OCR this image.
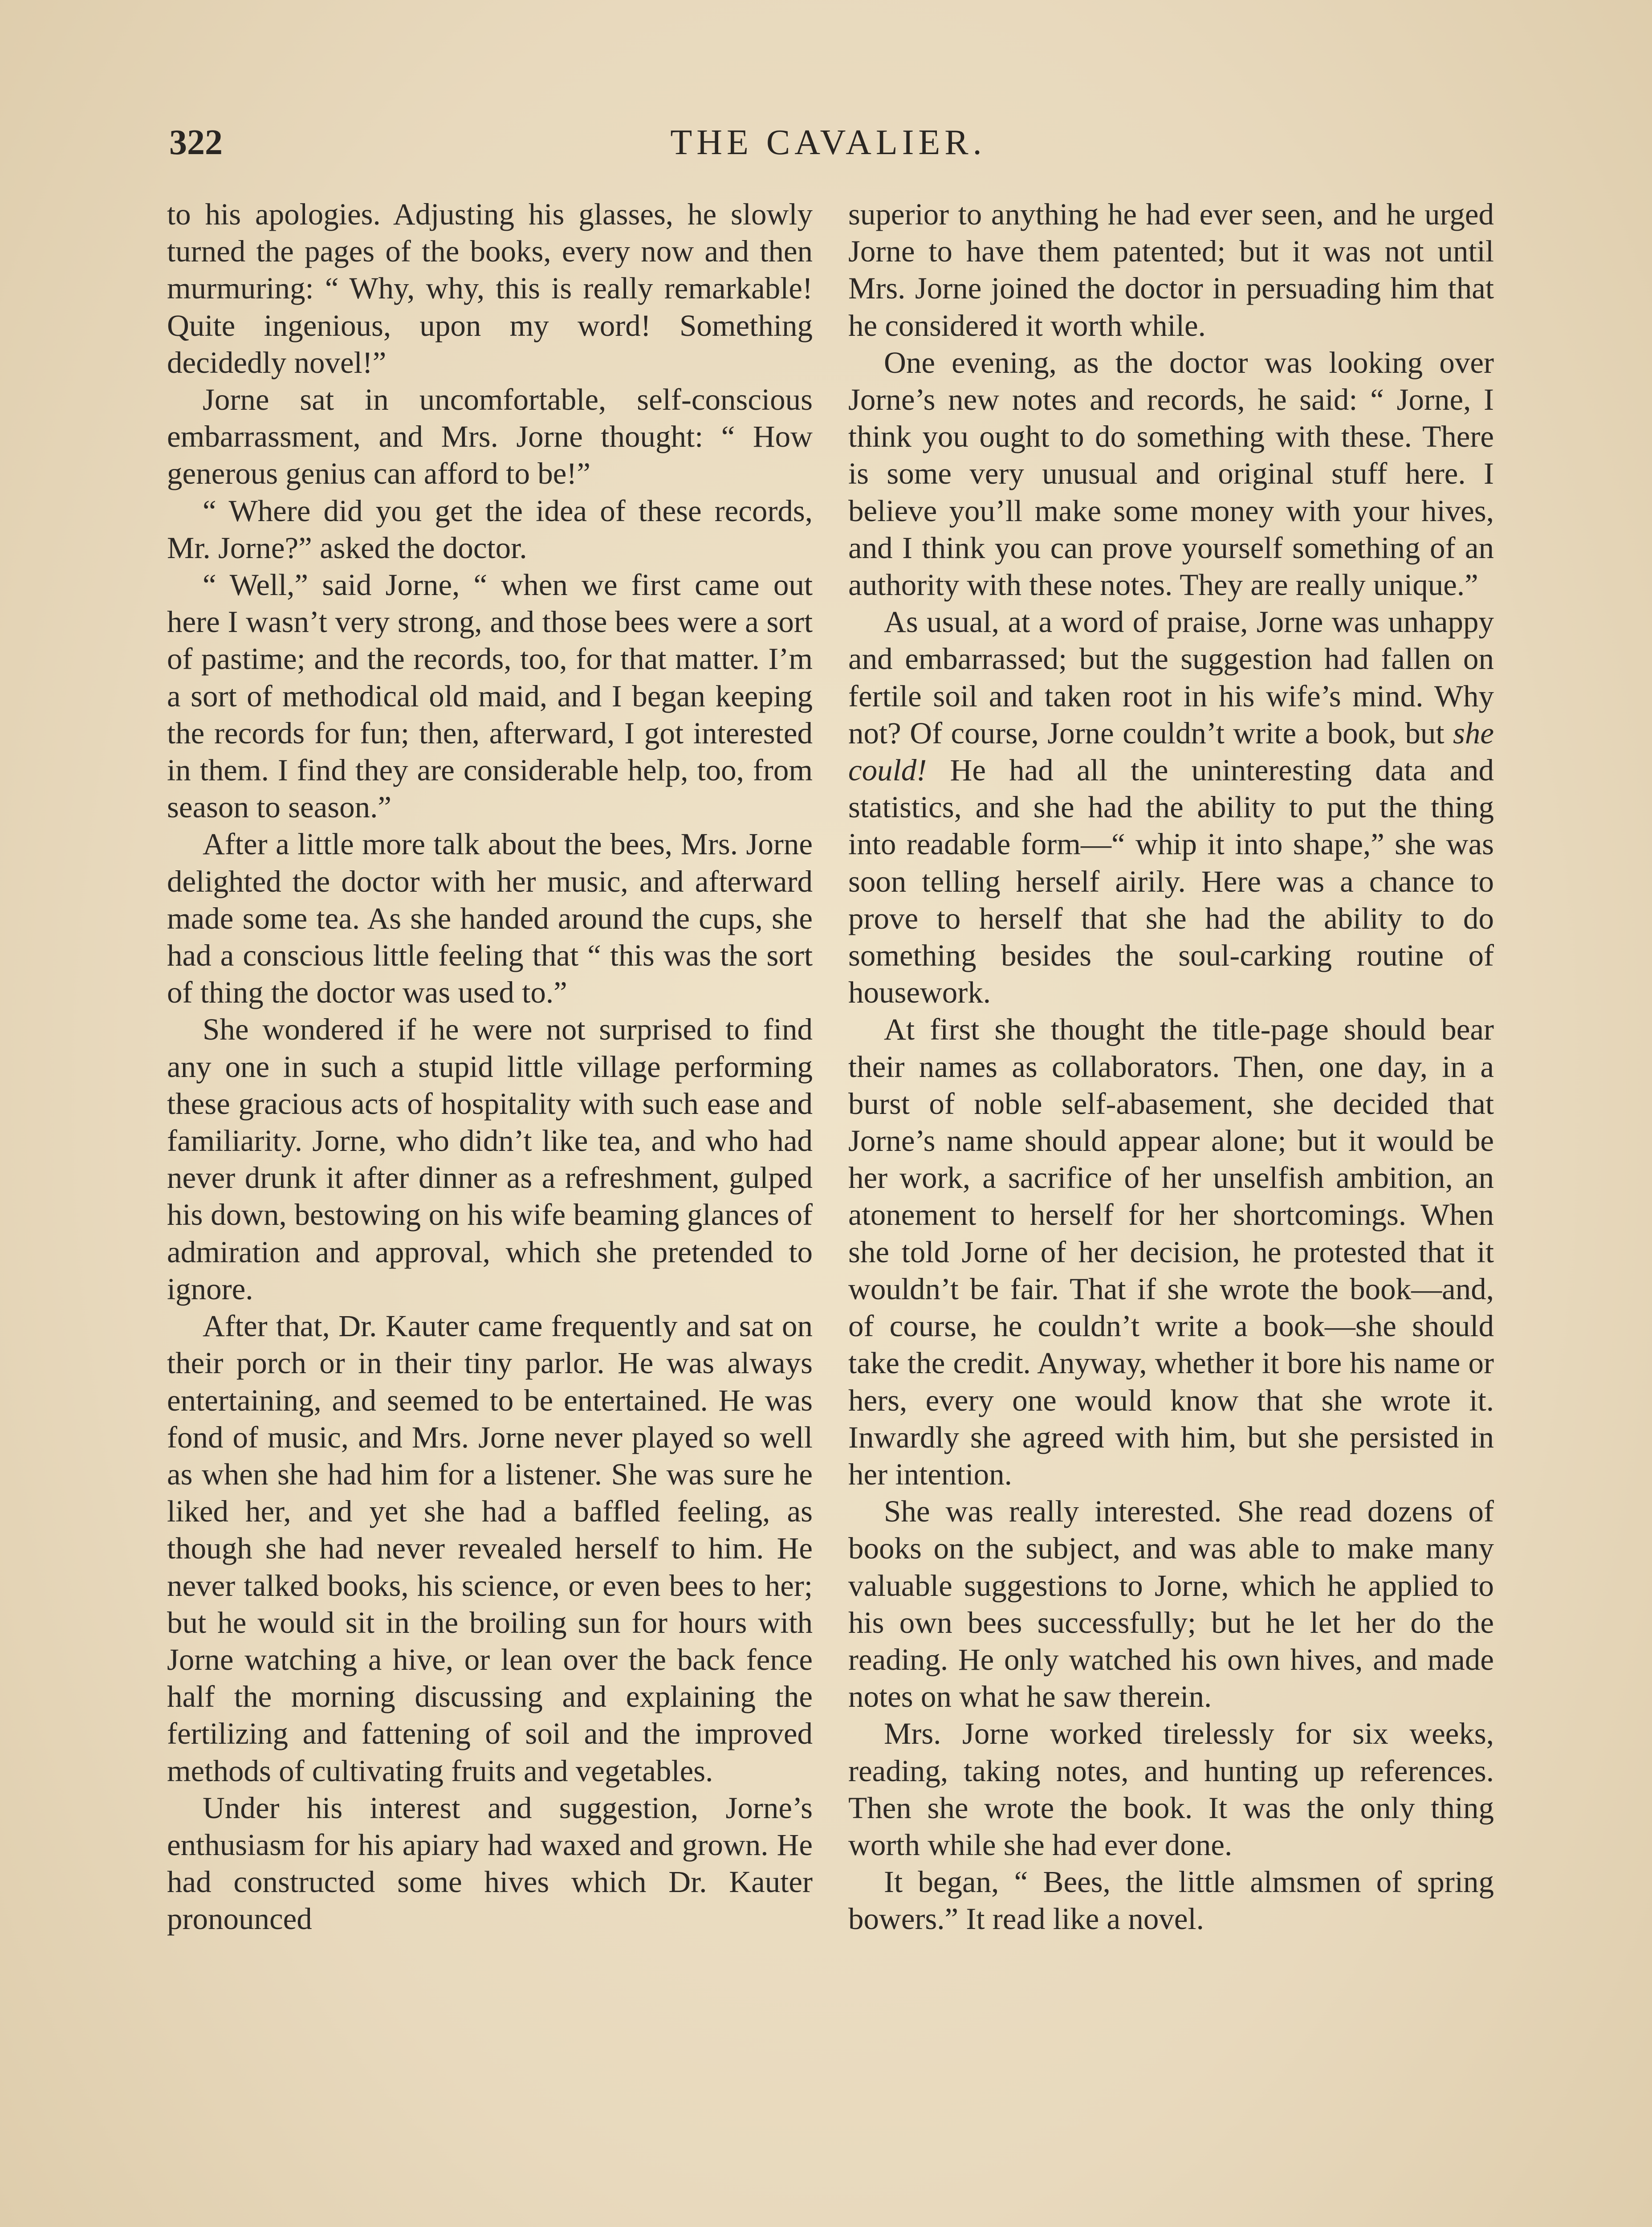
322	THE CAVALIER.

to his apologies. Adjusting his glasses, he slowly turned the pages of the books, every now and then murmuring: “ Why, why, this is really remarkable! Quite ingenious, upon my word! Something decidedly novel!”

Jorne sat in uncomfortable, self-conscious embarrassment, and Mrs. Jorne thought: “ How generous genius can afford to be!”

“ Where did you get the idea of these records, Mr. Jorne?” asked the doctor.

“ Well,” said Jorne, “ when we first came out here I wasn’t very strong, and those bees were a sort of pastime; and the records, too, for that matter. I’m a sort of methodical old maid, and I began keeping the records for fun; then, afterward, I got interested in them. I find they are considerable help, too, from season to season.”

After a little more talk about the bees, Mrs. Jorne delighted the doctor with her music, and afterward made some tea. As she handed around the cups, she had a conscious little feeling that “ this was the sort of thing the doctor was used to.”

She wondered if he were not surprised to find any one in such a stupid little village performing these gracious acts of hospitality with such ease and familiarity. Jorne, who didn’t like tea, and who had never drunk it after dinner as a refreshment, gulped his down, bestowing on his wife beaming glances of admiration and approval, which she pretended to ignore.

After that, Dr. Kauter came frequently and sat on their porch or in their tiny parlor. He was always entertaining, and seemed to be entertained. He was fond of music, and Mrs. Jorne never played so well as when she had him for a listener. She was sure he liked her, and yet she had a baffled feeling, as though she had never revealed herself to him. He never talked books, his science, or even bees to her; but he would sit in the broiling sun for hours with Jorne watching a hive, or lean over the back fence half the morning discussing and explaining the fertilizing and fattening of soil and the improved methods of cultivating fruits and vegetables.

Under his interest and suggestion, Jorne’s enthusiasm for his apiary had waxed and grown. He had constructed some hives which Dr. Kauter pronounced

superior to anything he had ever seen, and he urged Jorne to have them patented; but it was not until Mrs. Jorne joined the doctor in persuading him that he considered it worth while.

One evening, as the doctor was looking over Jorne’s new notes and records, he said: “ Jorne, I think you ought to do something with these. There is some very unusual and original stuff here. I believe you’ll make some money with your hives, and I think you can prove yourself something of an authority with these notes. They are really unique.”

As usual, at a word of praise, Jorne was unhappy and embarrassed; but the suggestion had fallen on fertile soil and taken root in his wife’s mind. Why not? Of course, Jorne couldn’t write a book, but she could! He had all the uninteresting data and statistics, and she had the ability to put the thing into readable form—“ whip it into shape,” she was soon telling herself airily. Here was a chance to prove to herself that she had the ability to do something besides the soul-carking routine of housework.

At first she thought the title-page should bear their names as collaborators. Then, one day, in a burst of noble self-abasement, she decided that Jorne’s name should appear alone; but it would be her work, a sacrifice of her unselfish ambition, an atonement to herself for her shortcomings. When she told Jorne of her decision, he protested that it wouldn’t be fair. That if she wrote the book—and, of course, he couldn’t write a book—she should take the credit. Anyway, whether it bore his name or hers, every one would know that she wrote it. Inwardly she agreed with him, but she persisted in her intention.

She was really interested. She read dozens of books on the subject, and was able to make many valuable suggestions to Jorne, which he applied to his own bees successfully; but he let her do the reading. He only watched his own hives, and made notes on what he saw therein.

Mrs. Jorne worked tirelessly for six weeks, reading, taking notes, and hunting up references. Then she wrote the book. It was the only thing worth while she had ever done.

It began, “ Bees, the little almsmen of spring bowers.” It read like a novel.
